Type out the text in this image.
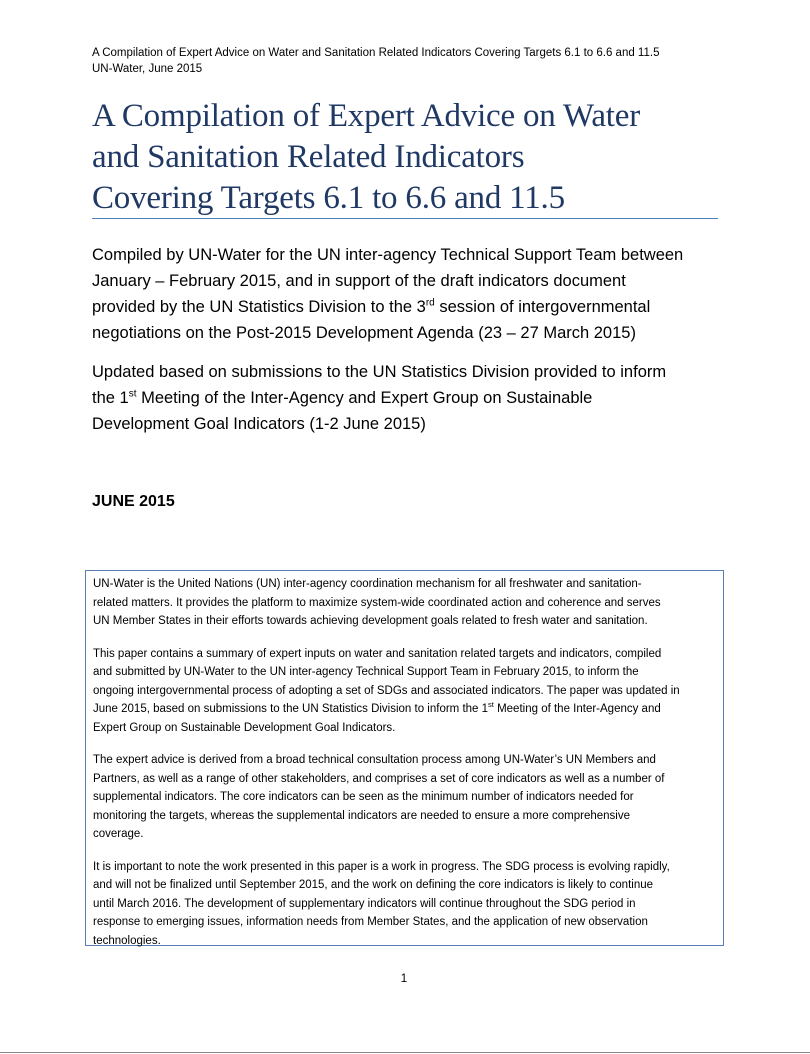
A Compilation of Expert Advice on Water and Sanitation Related Indicators Covering Targets 6.1 to 6.6 and 11.5
UN-Water, June 2015
A Compilation of Expert Advice on Water
and Sanitation Related Indicators
Covering Targets 6.1 to 6.6 and 11.5

Compiled by UN-Water for the UN inter-agency Technical Support Team between
January – February 2015, and in support of the draft indicators document
provided by the UN Statistics Division to the 3rd session of intergovernmental
negotiations on the Post-2015 Development Agenda (23 – 27 March 2015)

Updated based on submissions to the UN Statistics Division provided to inform
the 1st Meeting of the Inter-Agency and Expert Group on Sustainable
Development Goal Indicators (1-2 June 2015)

JUNE 2015

UN-Water is the United Nations (UN) inter-agency coordination mechanism for all freshwater and sanitation-
related matters. It provides the platform to maximize system-wide coordinated action and coherence and serves
UN Member States in their efforts towards achieving development goals related to fresh water and sanitation.

This paper contains a summary of expert inputs on water and sanitation related targets and indicators, compiled
and submitted by UN-Water to the UN inter-agency Technical Support Team in February 2015, to inform the
ongoing intergovernmental process of adopting a set of SDGs and associated indicators. The paper was updated in
June 2015, based on submissions to the UN Statistics Division to inform the 1st Meeting of the Inter-Agency and
Expert Group on Sustainable Development Goal Indicators.

The expert advice is derived from a broad technical consultation process among UN-Water’s UN Members and
Partners, as well as a range of other stakeholders, and comprises a set of core indicators as well as a number of
supplemental indicators. The core indicators can be seen as the minimum number of indicators needed for
monitoring the targets, whereas the supplemental indicators are needed to ensure a more comprehensive
coverage.

It is important to note the work presented in this paper is a work in progress. The SDG process is evolving rapidly,
and will not be finalized until September 2015, and the work on defining the core indicators is likely to continue
until March 2016. The development of supplementary indicators will continue throughout the SDG period in
response to emerging issues, information needs from Member States, and the application of new observation
technologies.

1
